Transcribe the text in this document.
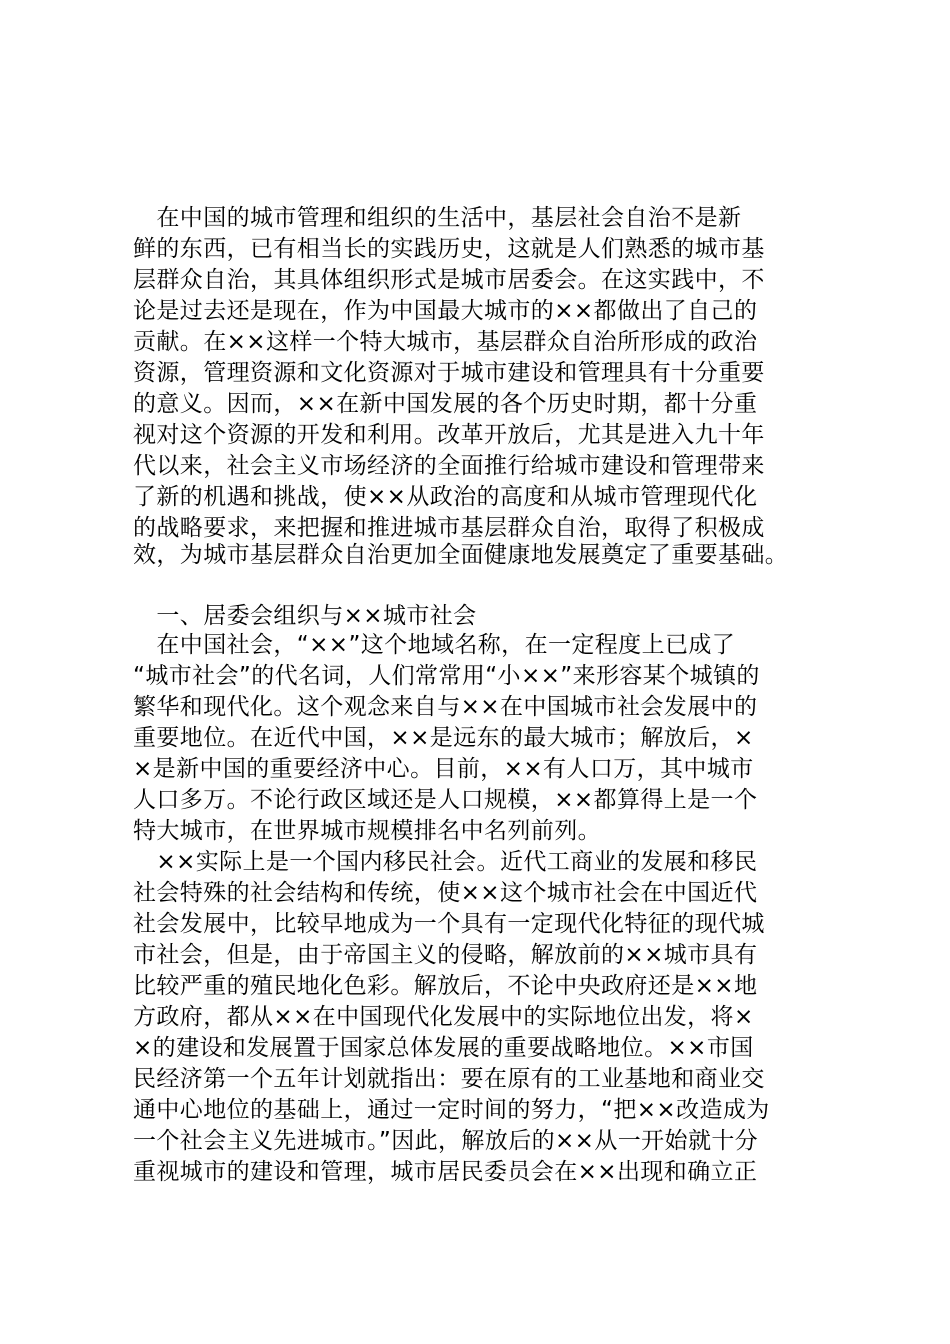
　在中国的城市管理和组织的生活中，基层社会自治不是新
鲜的东西，已有相当长的实践历史，这就是人们熟悉的城市基
层群众自治，其具体组织形式是城市居委会。在这实践中，不
论是过去还是现在，作为中国最大城市的××都做出了自己的
贡献。在××这样一个特大城市，基层群众自治所形成的政治
资源，管理资源和文化资源对于城市建设和管理具有十分重要
的意义。因而，××在新中国发展的各个历史时期，都十分重
视对这个资源的开发和利用。改革开放后，尤其是进入九十年
代以来，社会主义市场经济的全面推行给城市建设和管理带来
了新的机遇和挑战，使××从政治的高度和从城市管理现代化
的战略要求，来把握和推进城市基层群众自治，取得了积极成
效，为城市基层群众自治更加全面健康地发展奠定了重要基础。
　一、居委会组织与××城市社会
　在中国社会，“××”这个地域名称，在一定程度上已成了
“城市社会”的代名词，人们常常用“小××”来形容某个城镇的
繁华和现代化。这个观念来自与××在中国城市社会发展中的
重要地位。在近代中国，××是远东的最大城市；解放后，×
×是新中国的重要经济中心。目前，××有人口万，其中城市
人口多万。不论行政区域还是人口规模，××都算得上是一个
特大城市，在世界城市规模排名中名列前列。
　××实际上是一个国内移民社会。近代工商业的发展和移民
社会特殊的社会结构和传统，使××这个城市社会在中国近代
社会发展中，比较早地成为一个具有一定现代化特征的现代城
市社会，但是，由于帝国主义的侵略，解放前的××城市具有
比较严重的殖民地化色彩。解放后，不论中央政府还是××地
方政府，都从××在中国现代化发展中的实际地位出发，将×
×的建设和发展置于国家总体发展的重要战略地位。××市国
民经济第一个五年计划就指出：要在原有的工业基地和商业交
通中心地位的基础上，通过一定时间的努力，“把××改造成为
一个社会主义先进城市。”因此，解放后的××从一开始就十分
重视城市的建设和管理，城市居民委员会在××出现和确立正
